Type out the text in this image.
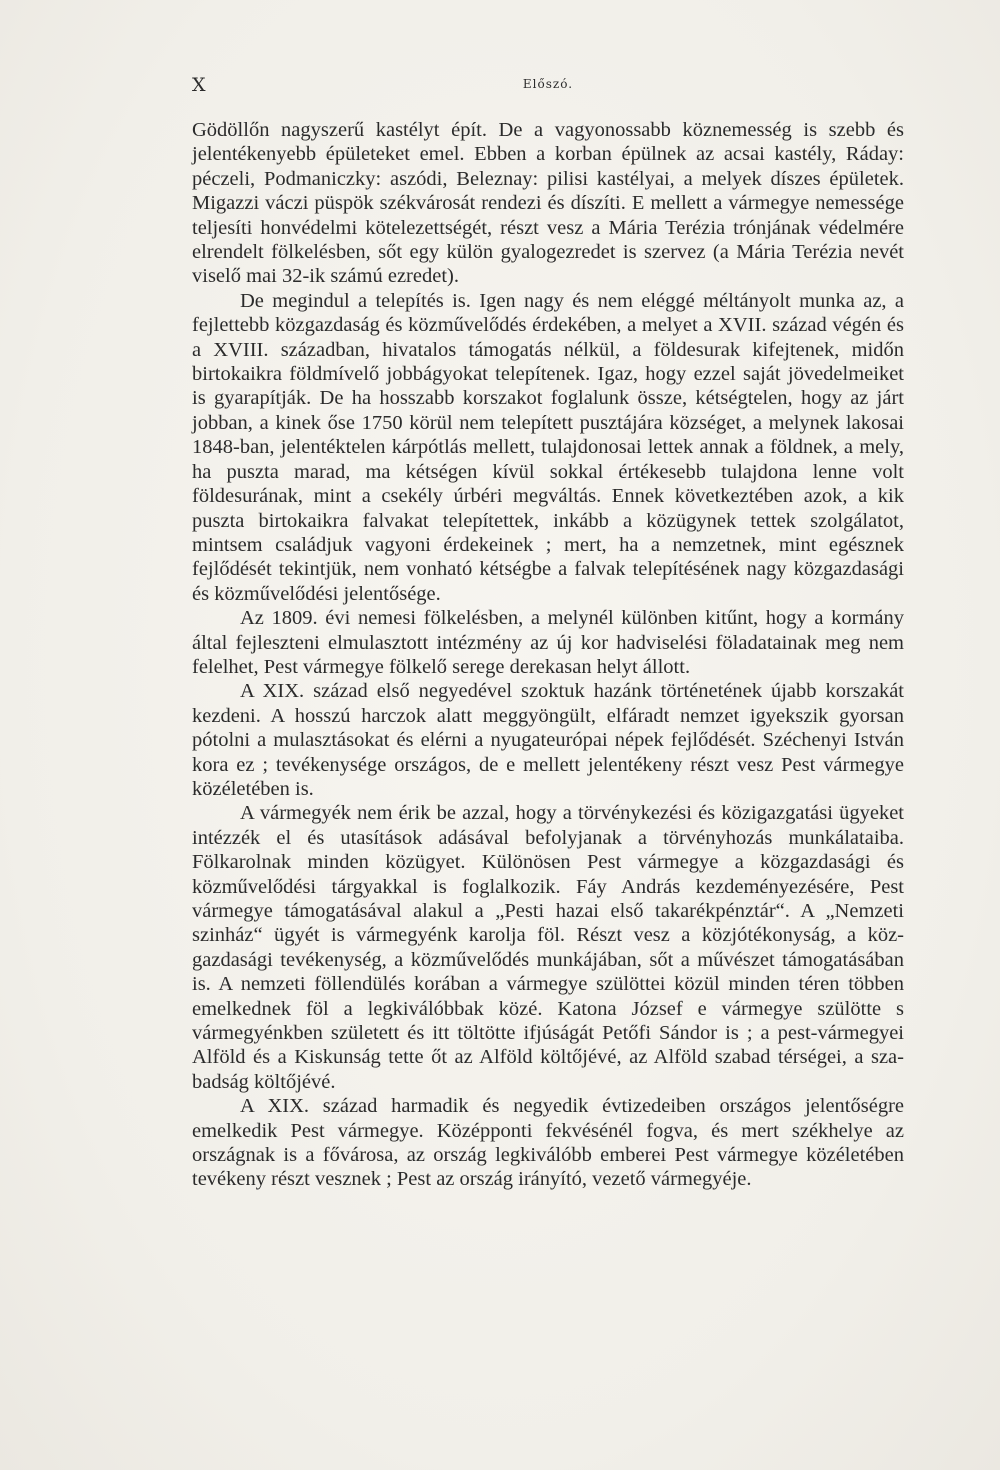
X	Előszó.

Gödöllőn nagyszerű kastélyt épít. De a vagyonossabb köznemesség is szebb és jelentékenyebb épületeket emel. Ebben a korban épülnek az acsai kastély, Ráday: péczeli, Podmaniczky: aszódi, Beleznay: pilisi kastélyai, a melyek díszes épületek. Migazzi váczi püspök székvárosát rendezi és díszíti. E mellett a vármegye nemessége teljesíti honvédelmi kötelezettségét, részt vesz a Mária Terézia trónjának védelmére elrendelt fölkelésben, sőt egy külön gyalogezredet is szervez (a Mária Terézia nevét viselő mai 32-ik számú ezredet).

De megindul a telepítés is. Igen nagy és nem eléggé méltányolt munka az, a fejlettebb közgazdaság és közművelődés érdekében, a melyet a XVII. század végén és a XVIII. században, hivatalos támogatás nélkül, a földesurak kifejtenek, midőn birtokaikra földmívelő jobbágyokat telepítenek. Igaz, hogy ezzel saját jövedelmeiket is gyarapítják. De ha hosszabb korszakot foglalunk össze, kétségtelen, hogy az járt jobban, a kinek őse 1750 körül nem telepített pusztájára községet, a melynek lakosai 1848-ban, jelentéktelen kárpótlás mellett, tulajdonosai lettek annak a földnek, a mely, ha puszta marad, ma kétségen kívül sokkal értékesebb tulajdona lenne volt földesurának, mint a csekély úrbéri megváltás. Ennek következtében azok, a kik puszta birtokaikra falvakat telepítettek, inkább a közügynek tettek szolgálatot, mintsem családjuk vagyoni érdekeinek ; mert, ha a nemzetnek, mint egésznek fejlődését tekintjük, nem vonható kétségbe a falvak telepítésének nagy közgazdasági és közművelődési jelentősége.

Az 1809. évi nemesi fölkelésben, a melynél különben kitűnt, hogy a kormány által fejleszteni elmulasztott intézmény az új kor hadviselési föladatainak meg nem felelhet, Pest vármegye fölkelő serege derekasan helyt állott.

A XIX. század első negyedével szoktuk hazánk történetének újabb korszakát kezdeni. A hosszú harczok alatt meggyöngült, elfáradt nemzet igyekszik gyorsan pótolni a mulasztásokat és elérni a nyugateurópai népek fejlődését. Széchenyi István kora ez ; tevékenysége országos, de e mellett jelentékeny részt vesz Pest vármegye közéletében is.

A vármegyék nem érik be azzal, hogy a törvénykezési és közigazgatási ügyeket intézzék el és utasítások adásával befolyjanak a törvényhozás munkálataiba. Fölkarolnak minden közügyet. Különösen Pest vármegye a közgazdasági és közművelődési tárgyakkal is foglalkozik. Fáy András kezdeményezésére, Pest vármegye támogatásával alakul a „Pesti hazai első takarékpénztár“. A „Nemzeti szinház“ ügyét is vármegyénk karolja föl. Részt vesz a közjótékonyság, a közgazdasági tevékenység, a közművelődés munkájában, sőt a művészet támogatásában is. A nemzeti föllendülés korában a vármegye szülöttei közül minden téren többen emelkednek föl a legkiválóbbak közé. Katona József e vármegye szülötte s vármegyénkben született és itt töltötte ifjúságát Petőfi Sándor is ; a pest-vármegyei Alföld és a Kiskunság tette őt az Alföld költőjévé, az Alföld szabad térségei, a szabadság költőjévé.

A XIX. század harmadik és negyedik évtizedeiben országos jelentőségre emelkedik Pest vármegye. Középponti fekvésénél fogva, és mert székhelye az országnak is a fővárosa, az ország legkiválóbb emberei Pest vármegye közéletében tevékeny részt vesznek ; Pest az ország irányító, vezető vármegyéje.
